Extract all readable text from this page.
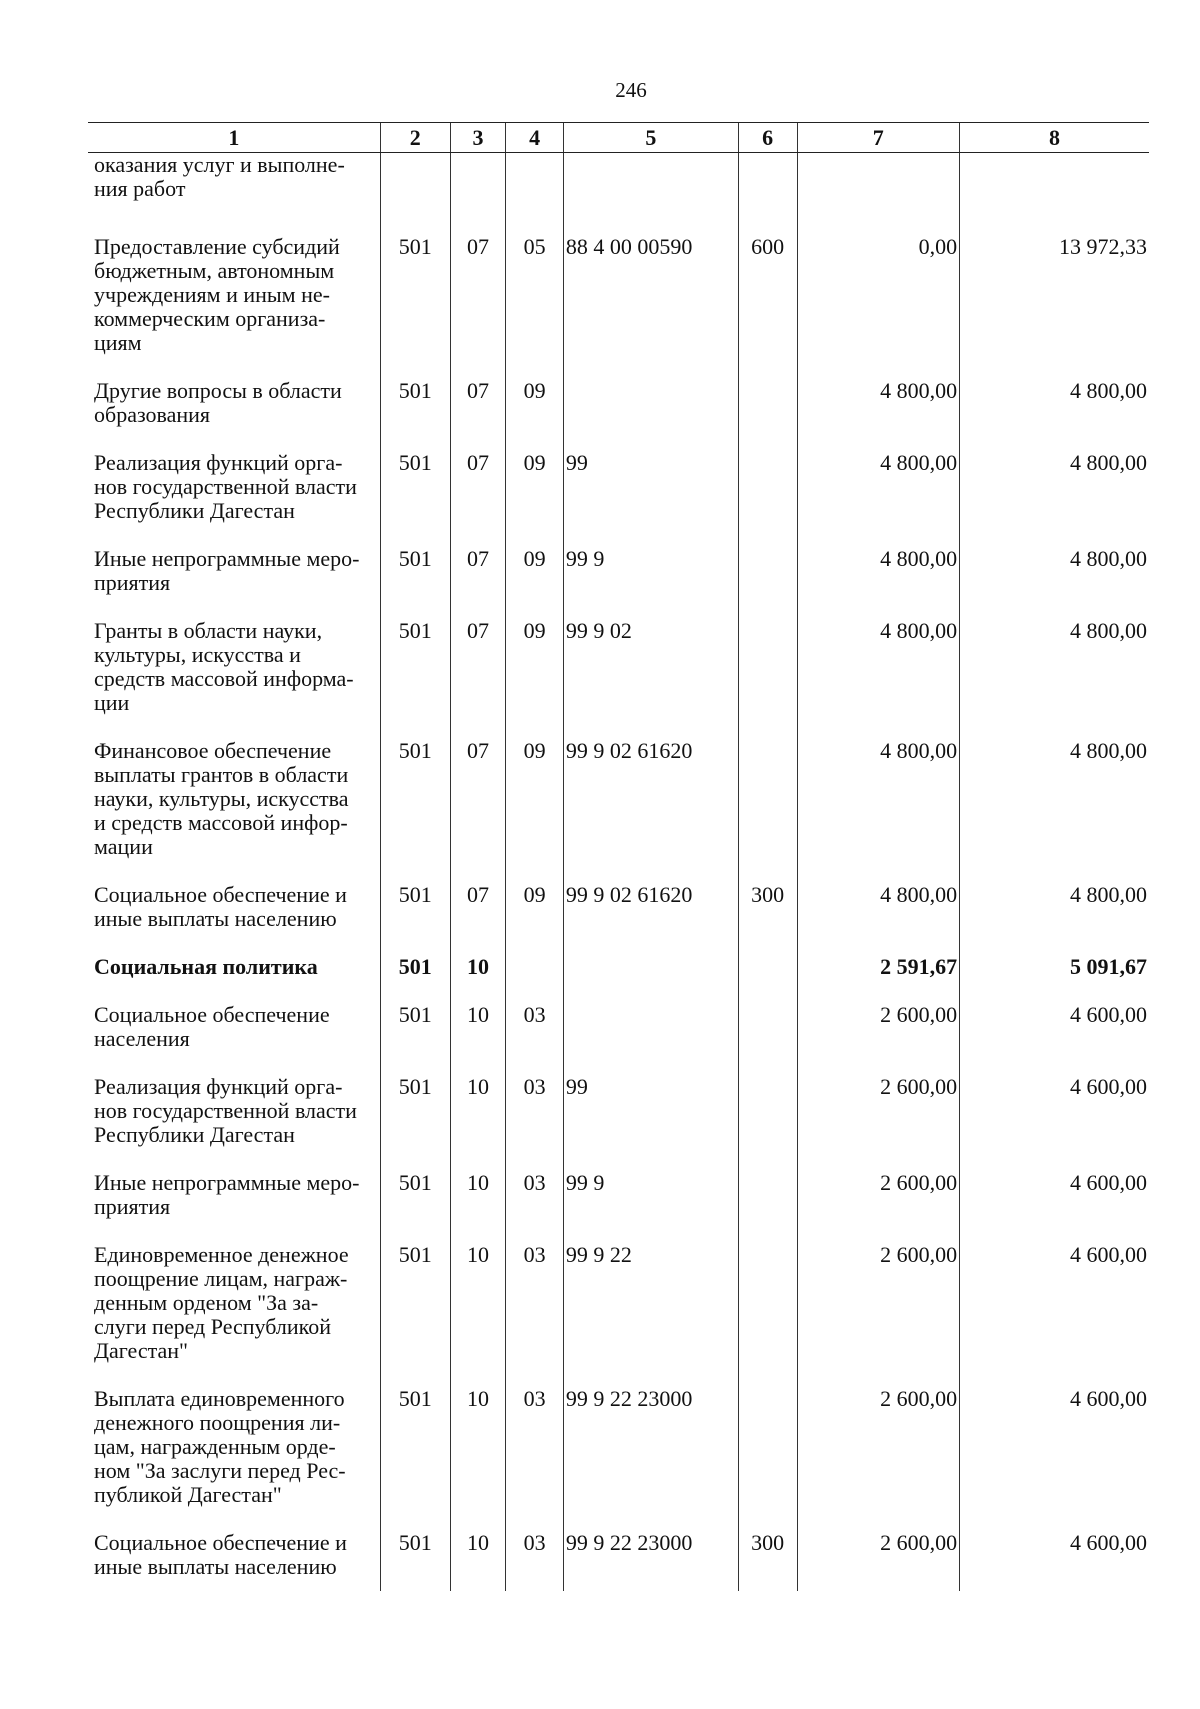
246
1	2	3	4	5	6	7	8
оказания услуг и выполне-
ния работ							
Предоставление субсидий
бюджетным, автономным
учреждениям и иным не-
коммерческим организа-
циям	501	07	05	88 4 00 00590	600	0,00	13 972,33
Другие вопросы в области
образования	501	07	09			4 800,00	4 800,00
Реализация функций орга-
нов государственной власти
Республики Дагестан	501	07	09	99		4 800,00	4 800,00
Иные непрограммные меро-
приятия	501	07	09	99 9		4 800,00	4 800,00
Гранты в области науки,
культуры, искусства и
средств массовой информа-
ции	501	07	09	99 9 02		4 800,00	4 800,00
Финансовое обеспечение
выплаты грантов в области
науки, культуры, искусства
и средств массовой инфор-
мации	501	07	09	99 9 02 61620		4 800,00	4 800,00
Социальное обеспечение и
иные выплаты населению	501	07	09	99 9 02 61620	300	4 800,00	4 800,00
Социальная политика	501	10				2 591,67	5 091,67
Социальное обеспечение
населения	501	10	03			2 600,00	4 600,00
Реализация функций орга-
нов государственной власти
Республики Дагестан	501	10	03	99		2 600,00	4 600,00
Иные непрограммные меро-
приятия	501	10	03	99 9		2 600,00	4 600,00
Единовременное денежное
поощрение лицам, награж-
денным орденом "За за-
слуги перед Республикой
Дагестан"	501	10	03	99 9 22		2 600,00	4 600,00
Выплата единовременного
денежного поощрения ли-
цам, награжденным орде-
ном "За заслуги перед Рес-
публикой Дагестан"	501	10	03	99 9 22 23000		2 600,00	4 600,00
Социальное обеспечение и
иные выплаты населению	501	10	03	99 9 22 23000	300	2 600,00	4 600,00
